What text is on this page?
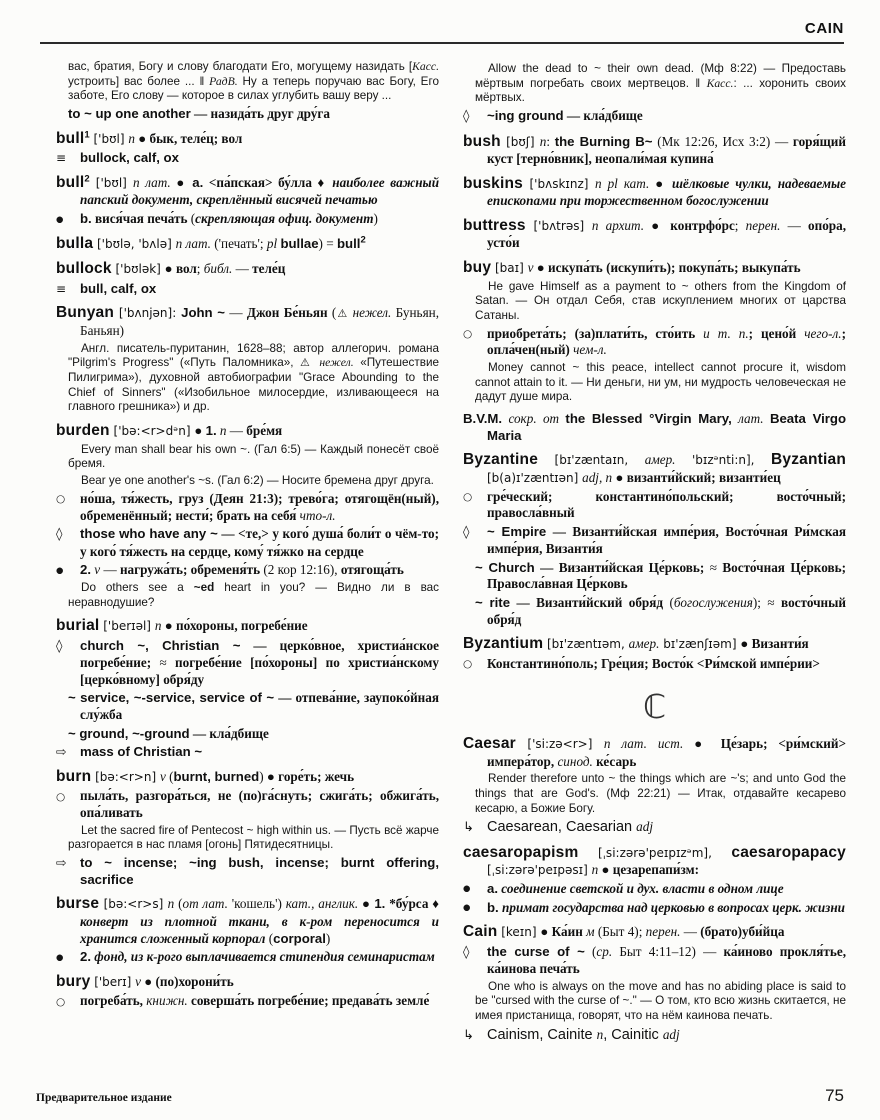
CAIN
вас, братия, Богу и слову благодати Его, могущему назидать [Касс. устроить] вас более ... ‖ РадВ. Ну а теперь поручаю вас Богу, Его заботе, Его слову — которое в силах углубить вашу веру ...
to ~ up one another — назида́ть друг дру́га
bull$^1$ ['bʊl] n ● бык, теле́ц; вол
≡ bullock, calf, ox
bull$^2$ ['bʊl] n лат. ● a. <па́пская> бу́лла ♦ наиболее важный папский документ, скреплённый висячей печатью
● b. вися́чая печа́ть (скрепляющая офиц. документ)
bulla ['bʊlə, 'bʌlə] n лат. ('печать'; pl bullae) = bull$^2$
bullock ['bʊlək] ● вол; библ. — теле́ц
≡ bull, calf, ox
Bunyan ['bʌnjən]: John ~ — Джон Бе́ньян (⚠ нежел. Буньян, Баньян)
Англ. писатель-пуританин, 1628–88; автор аллегорич. романа "Pilgrim's Progress" («Путь Паломника», ⚠ нежел. «Путешествие Пилигрима»), духовной автобиографии "Grace Abounding to the Chief of Sinners" («Изобильное милосердие, изливающееся на главного грешника») и др.
burden ['bə:<r>dᵊn] ● 1. n — бре́мя
Every man shall bear his own ~. (Гал 6:5) — Каждый понесёт своё бремя.
Bear ye one another's ~s. (Гал 6:2) — Носите бремена друг друга.
○ но́ша, тя́жесть, груз (Деян 21:3); трево́га; отягощён(ный), обременённый; нести́; брать на себя́ что-л.
◊ those who have any ~ — <те,> у кого́ душа́ боли́т о чём-то; у кого́ тя́жесть на сердце, кому́ тя́жко на сердце
● 2. v — нагружа́ть; обременя́ть (2 кор 12:16), отягоща́ть
Do others see a ~ed heart in you? — Видно ли в вас неравнодушие?
burial ['berɪəl] n ● по́хороны, погребе́ние
◊ church ~, Christian ~ — церко́вное, христиа́нское погребе́ние; ≈ погребе́ние [по́хороны] по христиа́нскому [церко́вному] обря́ду
~ service, ~-service, service of ~ — отпева́ние, заупоко́йная слу́жба
~ ground, ~-ground — кла́дбище
⇨ mass of Christian ~
burn [bə:<r>n] v (burnt, burned) ● горе́ть; жечь
○ пыла́ть, разгора́ться, не (по)га́снуть; сжига́ть; обжига́ть, опа́ливать
Let the sacred fire of Pentecost ~ high within us. — Пусть всё жарче разгорается в нас пламя [огонь] Пятидесятницы.
⇨ to ~ incense; ~ing bush, incense; burnt offering, sacrifice
burse [bə:<r>s] n (от лат. 'кошель') кат., англик. ● 1. *бу́рса ♦ конверт из плотной ткани, в к-ром переносится и хранится сложенный корпорал (corporal)
● 2. фонд, из к-рого выплачивается стипендия семинаристам
bury ['berɪ] v ● (по)хорони́ть
○ погреба́ть, книжн. соверша́ть погребе́ние; предава́ть земле́
Allow the dead to ~ their own dead. (Мф 8:22) — Предоставь мёртвым погребать своих мертвецов. ‖ Касс.: ... хоронить своих мёртвых.
◊ ~ing ground — кла́дбище
bush [bʊʃ] n: the Burning B~ (Мк 12:26, Исх 3:2) — горя́щий куст [терно́вник], неопали́мая купина́
buskins ['bʌskɪnz] n pl кат. ● шёлковые чулки, надеваемые епископами при торжественном богослужении
buttress ['bʌtrəs] n архит. ● контрфо́рс; перен. — опо́ра, усто́и
buy [baɪ] v ● искупа́ть (искупи́ть); покупа́ть; выкупа́ть
He gave Himself as a payment to ~ others from the Kingdom of Satan. — Он отдал Себя, став искуплением многих от царства Сатаны.
○ приобрета́ть; (за)плати́ть, сто́ить и т. п.; цено́й чего-л.; опла́чен(ный) чем-л.
Money cannot ~ this peace, intellect cannot procure it, wisdom cannot attain to it. — Ни деньги, ни ум, ни мудрость человеческая не дадут душе мира.
B.V.M. сокр. от the Blessed °Virgin Mary, лат. Beata Virgo Maria
Byzantine [bɪ'zæntaɪn, амер. 'bɪzᵊnti:n], Byzantian [b(a)ɪ'zæntɪən] adj, n ● византи́йский; византи́ец
○ гре́ческий; константино́польский; восто́чный; правосла́вный
◊ ~ Empire — Византи́йская импе́рия, Восто́чная Ри́мская импе́рия, Византи́я
~ Church — Византи́йская Це́рковь; ≈ Восто́чная Це́рковь; Правосла́вная Це́рковь
~ rite — Византи́йский обря́д (богослужения); ≈ восто́чный обря́д
Byzantium [bɪ'zæntɪəm, амер. bɪ'zænʃɪəm] ● Византи́я
○ Константино́поль; Гре́ция; Восто́к <Ри́мской импе́рии>
ℂ
Caesar ['si:zə<r>] n лат. ист. ● Це́зарь; <ри́мский> импера́тор, синод. ке́сарь
Render therefore unto ~ the things which are ~'s; and unto God the things that are God's. (Мф 22:21) — Итак, отдавайте кесарево кесарю, а Божие Богу.
↳ Caesarean, Caesarian adj
caesaropapism [ˌsi:zərə'peɪpɪzᵊm], caesaropapacy [ˌsi:zərə'peɪpəsɪ] n ● цезарепапи́зм:
● a. соединение светской и дух. власти в одном лице
● b. примат государства над церковью в вопросах церк. жизни
Cain [keɪn] ● Ка́ин м (Быт 4); перен. — (брато)уби́йца
◊ the curse of ~ (ср. Быт 4:11–12) — ка́иново прокля́тье, ка́инова печа́ть
One who is always on the move and has no abiding place is said to be "cursed with the curse of ~." — О том, кто всю жизнь скитается, не имея пристанища, говорят, что на нём каинова печать.
↳ Cainism, Cainite n, Cainitic adj
Предварительное издание	75
